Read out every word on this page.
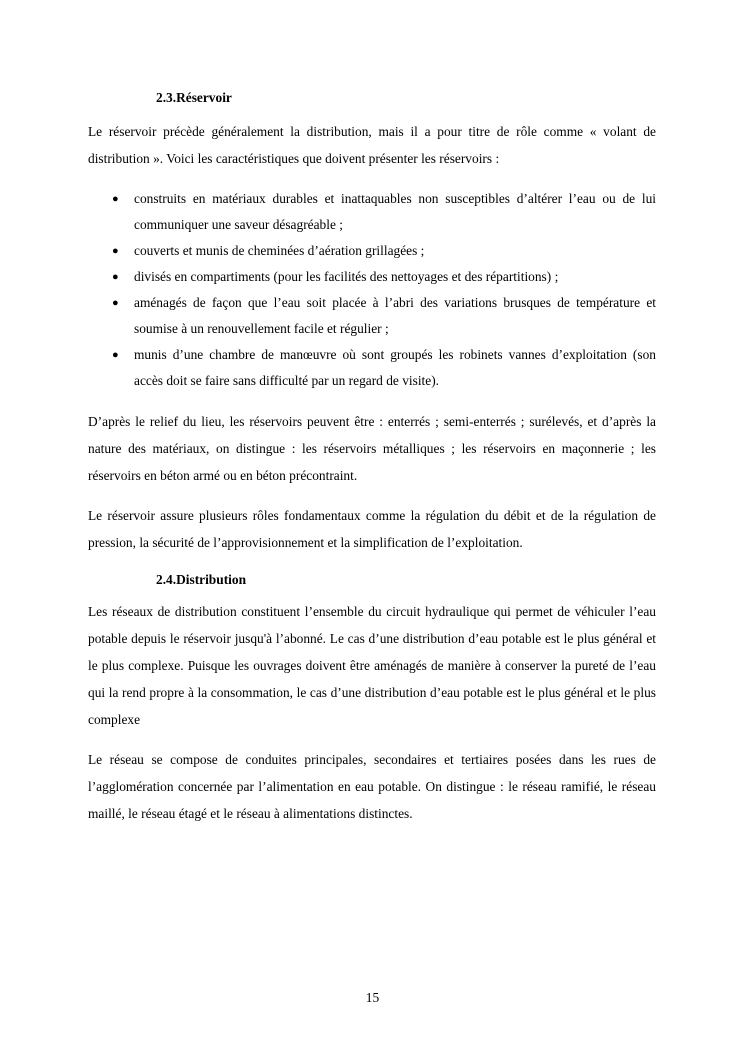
2.3.Réservoir

Le réservoir précède généralement la distribution, mais il a pour titre de rôle comme « volant de distribution ». Voici les caractéristiques que doivent présenter les réservoirs :

● construits en matériaux durables et inattaquables non susceptibles d’altérer l’eau ou de lui communiquer une saveur désagréable ;
● couverts et munis de cheminées d’aération grillagées ;
● divisés en compartiments (pour les facilités des nettoyages et des répartitions) ;
● aménagés de façon que l’eau soit placée à l’abri des variations brusques de température et soumise à un renouvellement facile et régulier ;
● munis d’une chambre de manœuvre où sont groupés les robinets vannes d’exploitation (son accès doit se faire sans difficulté par un regard de visite).

D’après le relief du lieu, les réservoirs peuvent être : enterrés ; semi-enterrés ; surélevés, et d’après la nature des matériaux, on distingue : les réservoirs métalliques ; les réservoirs en maçonnerie ; les réservoirs en béton armé ou en béton précontraint.

Le réservoir assure plusieurs rôles fondamentaux comme la régulation du débit et de la régulation de pression, la sécurité de l’approvisionnement et la simplification de l’exploitation.

2.4.Distribution

Les réseaux de distribution constituent l’ensemble du circuit hydraulique qui permet de véhiculer l’eau potable depuis le réservoir jusqu'à l’abonné. Le cas d’une distribution d’eau potable est le plus général et le plus complexe. Puisque les ouvrages doivent être aménagés de manière à conserver la pureté de l’eau qui la rend propre à la consommation, le cas d’une distribution d’eau potable est le plus général et le plus complexe

Le réseau se compose de conduites principales, secondaires et tertiaires posées dans les rues de l’agglomération concernée par l’alimentation en eau potable. On distingue : le réseau ramifié, le réseau maillé, le réseau étagé et le réseau à alimentations distinctes.

15
